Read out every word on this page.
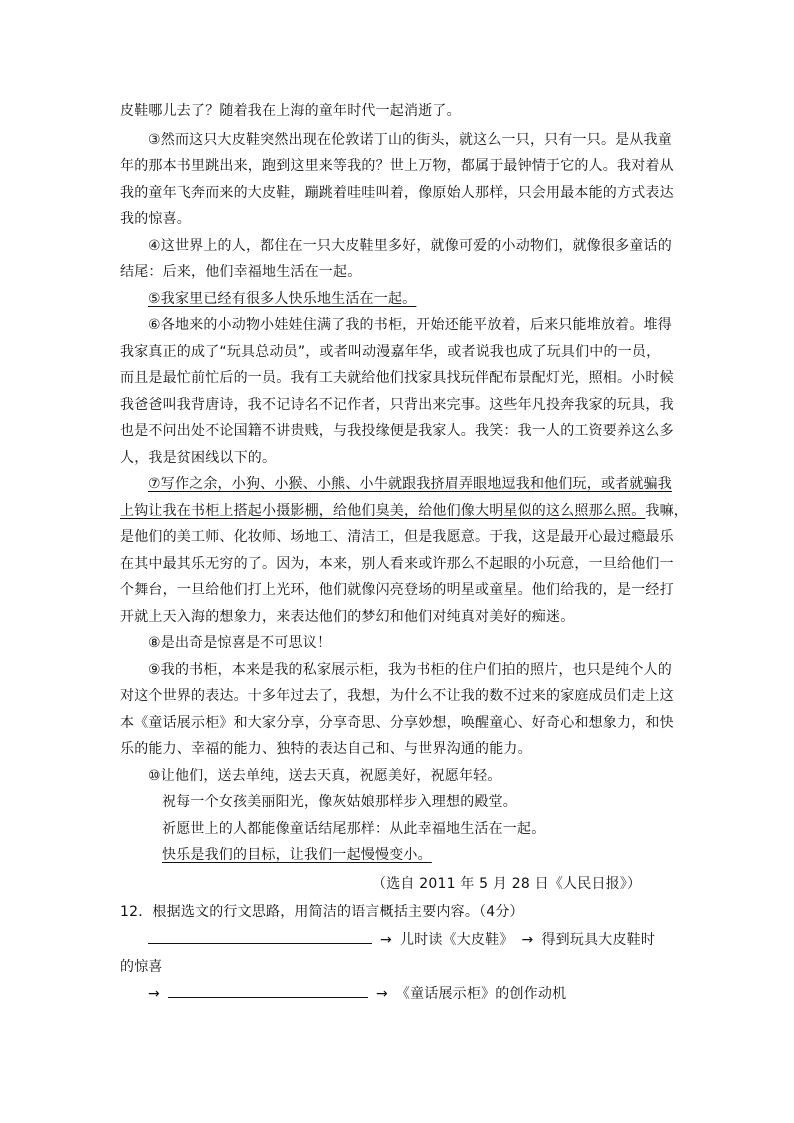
皮鞋哪儿去了？随着我在上海的童年时代一起消逝了。
③然而这只大皮鞋突然出现在伦敦诺丁山的街头，就这么一只，只有一只。是从我童
年的那本书里跳出来，跑到这里来等我的？世上万物，都属于最钟情于它的人。我对着从
我的童年飞奔而来的大皮鞋，蹦跳着哇哇叫着，像原始人那样，只会用最本能的方式表达
我的惊喜。
④这世界上的人，都住在一只大皮鞋里多好，就像可爱的小动物们，就像很多童话的
结尾：后来，他们幸福地生活在一起。
⑤我家里已经有很多人快乐地生活在一起。
⑥各地来的小动物小娃娃住满了我的书柜，开始还能平放着，后来只能堆放着。堆得
我家真正的成了“玩具总动员”，或者叫动漫嘉年华，或者说我也成了玩具们中的一员，
而且是最忙前忙后的一员。我有工夫就给他们找家具找玩伴配布景配灯光，照相。小时候
我爸爸叫我背唐诗，我不记诗名不记作者，只背出来完事。这些年凡投奔我家的玩具，我
也是不问出处不论国籍不讲贵贱，与我投缘便是我家人。我笑：我一人的工资要养这么多
人，我是贫困线以下的。
⑦写作之余，小狗、小猴、小熊、小牛就跟我挤眉弄眼地逗我和他们玩，或者就骗我
上钩让我在书柜上搭起小摄影棚，给他们臭美，给他们像大明星似的这么照那么照。我嘛，
是他们的美工师、化妆师、场地工、清洁工，但是我愿意。于我，这是最开心最过瘾最乐
在其中最其乐无穷的了。因为，本来，别人看来或许那么不起眼的小玩意，一旦给他们一
个舞台，一旦给他们打上光环，他们就像闪亮登场的明星或童星。他们给我的，是一经打
开就上天入海的想象力，来表达他们的梦幻和他们对纯真对美好的痴迷。
⑧是出奇是惊喜是不可思议！
⑨我的书柜，本来是我的私家展示柜，我为书柜的住户们拍的照片，也只是纯个人的
对这个世界的表达。十多年过去了，我想，为什么不让我的数不过来的家庭成员们走上这
本《童话展示柜》和大家分享，分享奇思、分享妙想，唤醒童心、好奇心和想象力，和快
乐的能力、幸福的能力、独特的表达自己和、与世界沟通的能力。
⑩让他们，送去单纯，送去天真，祝愿美好，祝愿年轻。
祝每一个女孩美丽阳光，像灰姑娘那样步入理想的殿堂。
祈愿世上的人都能像童话结尾那样：从此幸福地生活在一起。
快乐是我们的目标，让我们一起慢慢变小。
（选自 2011 年 5 月 28 日《人民日报》）
12．根据选文的行文思路，用简洁的语言概括主要内容。（4分）
→ 儿时读《大皮鞋》 → 得到玩具大皮鞋时
的惊喜
→	→ 《童话展示柜》的创作动机
